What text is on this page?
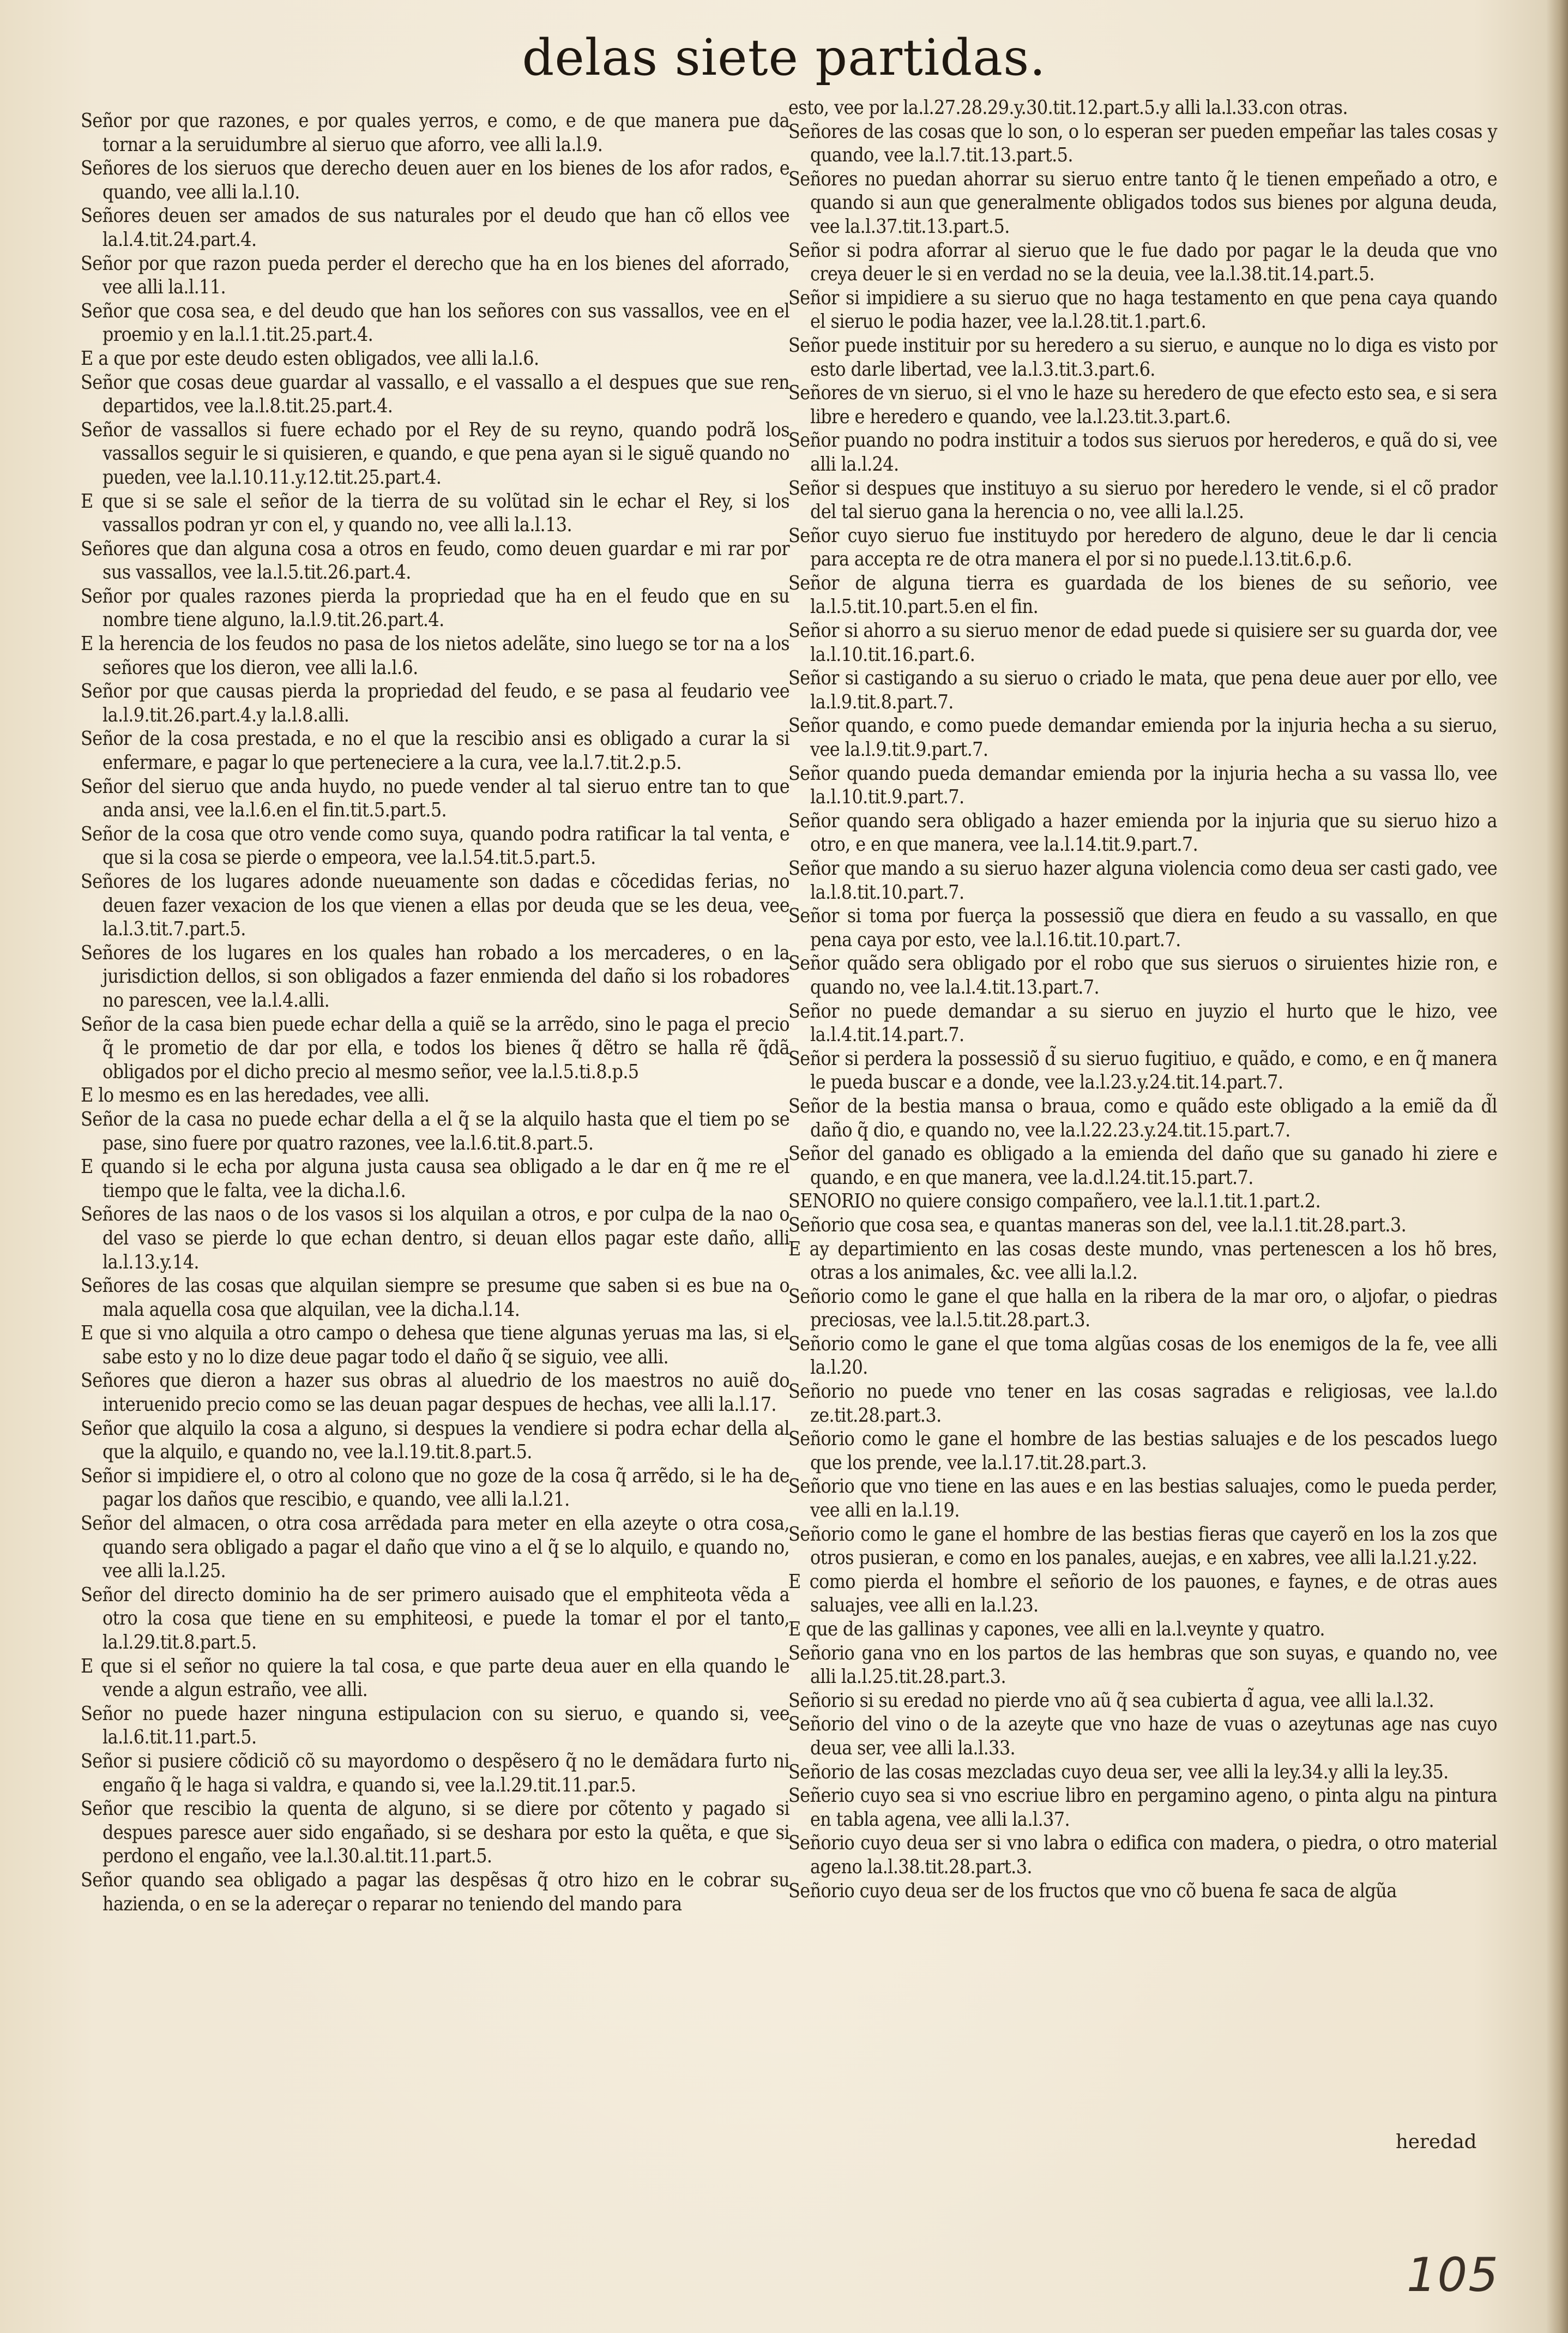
delas siete partidas.

Señor por que razones, e por quales yerros, e como, e de que manera pue da tornar a la seruidumbre al sieruo que aforro, vee alli la.l.9.

Señores de los sieruos que derecho deuen auer en los bienes de los afor rados, e quando, vee alli la.l.10.

Señores deuen ser amados de sus naturales por el deudo que han cõ ellos vee la.l.4.tit.24.part.4.

Señor por que razon pueda perder el derecho que ha en los bienes del aforrado, vee alli la.l.11.

Señor que cosa sea, e del deudo que han los señores con sus vassallos, vee en el proemio y en la.l.1.tit.25.part.4.

E a que por este deudo esten obligados, vee alli la.l.6.

Señor que cosas deue guardar al vassallo, e el vassallo a el despues que sue ren departidos, vee la.l.8.tit.25.part.4.

Señor de vassallos si fuere echado por el Rey de su reyno, quando podrã los vassallos seguir le si quisieren, e quando, e que pena ayan si le siguẽ quando no pueden, vee la.l.10.11.y.12.tit.25.part.4.

E que si se sale el señor de la tierra de su volũtad sin le echar el Rey, si los vassallos podran yr con el, y quando no, vee alli la.l.13.

Señores que dan alguna cosa a otros en feudo, como deuen guardar e mi rar por sus vassallos, vee la.l.5.tit.26.part.4.

Señor por quales razones pierda la propriedad que ha en el feudo que en su nombre tiene alguno, la.l.9.tit.26.part.4.

E la herencia de los feudos no pasa de los nietos adelãte, sino luego se tor na a los señores que los dieron, vee alli la.l.6.

Señor por que causas pierda la propriedad del feudo, e se pasa al feudario vee la.l.9.tit.26.part.4.y la.l.8.alli.

Señor de la cosa prestada, e no el que la rescibio ansi es obligado a curar la si enfermare, e pagar lo que perteneciere a la cura, vee la.l.7.tit.2.p.5.

Señor del sieruo que anda huydo, no puede vender al tal sieruo entre tan to que anda ansi, vee la.l.6.en el fin.tit.5.part.5.

Señor de la cosa que otro vende como suya, quando podra ratificar la tal venta, e que si la cosa se pierde o empeora, vee la.l.54.tit.5.part.5.

Señores de los lugares adonde nueuamente son dadas e cõcedidas ferias, no deuen fazer vexacion de los que vienen a ellas por deuda que se les deua, vee la.l.3.tit.7.part.5.

Señores de los lugares en los quales han robado a los mercaderes, o en la jurisdiction dellos, si son obligados a fazer enmienda del daño si los robadores no parescen, vee la.l.4.alli.

Señor de la casa bien puede echar della a quiẽ se la arrẽdo, sino le paga el precio q̃ le prometio de dar por ella, e todos los bienes q̃ dẽtro se halla rẽ q̃dã obligados por el dicho precio al mesmo señor, vee la.l.5.ti.8.p.5

E lo mesmo es en las heredades, vee alli.

Señor de la casa no puede echar della a el q̃ se la alquilo hasta que el tiem po se pase, sino fuere por quatro razones, vee la.l.6.tit.8.part.5.

E quando si le echa por alguna justa causa sea obligado a le dar en q̃ me re el tiempo que le falta, vee la dicha.l.6.

Señores de las naos o de los vasos si los alquilan a otros, e por culpa de la nao o del vaso se pierde lo que echan dentro, si deuan ellos pagar este daño, alli la.l.13.y.14.

Señores de las cosas que alquilan siempre se presume que saben si es bue na o mala aquella cosa que alquilan, vee la dicha.l.14.

E que si vno alquila a otro campo o dehesa que tiene algunas yeruas ma las, si el sabe esto y no lo dize deue pagar todo el daño q̃ se siguio, vee alli.

Señores que dieron a hazer sus obras al aluedrio de los maestros no auiẽ do interuenido precio como se las deuan pagar despues de hechas, vee alli la.l.17.

Señor que alquilo la cosa a alguno, si despues la vendiere si podra echar della al que la alquilo, e quando no, vee la.l.19.tit.8.part.5.

Señor si impidiere el, o otro al colono que no goze de la cosa q̃ arrẽdo, si le ha de pagar los daños que rescibio, e quando, vee alli la.l.21.

Señor del almacen, o otra cosa arrẽdada para meter en ella azeyte o otra cosa, quando sera obligado a pagar el daño que vino a el q̃ se lo alquilo, e quando no, vee alli la.l.25.

Señor del directo dominio ha de ser primero auisado que el emphiteota vẽda a otro la cosa que tiene en su emphiteosi, e puede la tomar el por el tanto, la.l.29.tit.8.part.5.

E que si el señor no quiere la tal cosa, e que parte deua auer en ella quando le vende a algun estraño, vee alli.

Señor no puede hazer ninguna estipulacion con su sieruo, e quando si, vee la.l.6.tit.11.part.5.

Señor si pusiere cõdiciõ cõ su mayordomo o despẽsero q̃ no le demãdara furto ni engaño q̃ le haga si valdra, e quando si, vee la.l.29.tit.11.par.5.

Señor que rescibio la quenta de alguno, si se diere por cõtento y pagado si despues paresce auer sido engañado, si se deshara por esto la quẽta, e que si perdono el engaño, vee la.l.30.al.tit.11.part.5.

Señor quando sea obligado a pagar las despẽsas q̃ otro hizo en le cobrar su hazienda, o en se la adereçar o reparar no teniendo del mando para

esto, vee por la.l.27.28.29.y.30.tit.12.part.5.y alli la.l.33.con otras.

Señores de las cosas que lo son, o lo esperan ser pueden empeñar las tales cosas y quando, vee la.l.7.tit.13.part.5.

Señores no puedan ahorrar su sieruo entre tanto q̃ le tienen empeñado a otro, e quando si aun que generalmente obligados todos sus bienes por alguna deuda, vee la.l.37.tit.13.part.5.

Señor si podra aforrar al sieruo que le fue dado por pagar le la deuda que vno creya deuer le si en verdad no se la deuia, vee la.l.38.tit.14.part.5.

Señor si impidiere a su sieruo que no haga testamento en que pena caya quando el sieruo le podia hazer, vee la.l.28.tit.1.part.6.

Señor puede instituir por su heredero a su sieruo, e aunque no lo diga es visto por esto darle libertad, vee la.l.3.tit.3.part.6.

Señores de vn sieruo, si el vno le haze su heredero de que efecto esto sea, e si sera libre e heredero e quando, vee la.l.23.tit.3.part.6.

Señor puando no podra instituir a todos sus sieruos por herederos, e quã do si, vee alli la.l.24.

Señor si despues que instituyo a su sieruo por heredero le vende, si el cõ prador del tal sieruo gana la herencia o no, vee alli la.l.25.

Señor cuyo sieruo fue instituydo por heredero de alguno, deue le dar li cencia para accepta re de otra manera el por si no puede.l.13.tit.6.p.6.

Señor de alguna tierra es guardada de los bienes de su señorio, vee la.l.5.tit.10.part.5.en el fin.

Señor si ahorro a su sieruo menor de edad puede si quisiere ser su guarda dor, vee la.l.10.tit.16.part.6.

Señor si castigando a su sieruo o criado le mata, que pena deue auer por ello, vee la.l.9.tit.8.part.7.

Señor quando, e como puede demandar emienda por la injuria hecha a su sieruo, vee la.l.9.tit.9.part.7.

Señor quando pueda demandar emienda por la injuria hecha a su vassa llo, vee la.l.10.tit.9.part.7.

Señor quando sera obligado a hazer emienda por la injuria que su sieruo hizo a otro, e en que manera, vee la.l.14.tit.9.part.7.

Señor que mando a su sieruo hazer alguna violencia como deua ser casti gado, vee la.l.8.tit.10.part.7.

Señor si toma por fuerça la possessiõ que diera en feudo a su vassallo, en que pena caya por esto, vee la.l.16.tit.10.part.7.

Señor quãdo sera obligado por el robo que sus sieruos o siruientes hizie ron, e quando no, vee la.l.4.tit.13.part.7.

Señor no puede demandar a su sieruo en juyzio el hurto que le hizo, vee la.l.4.tit.14.part.7.

Señor si perdera la possessiõ d̃ su sieruo fugitiuo, e quãdo, e como, e en q̃ manera le pueda buscar e a donde, vee la.l.23.y.24.tit.14.part.7.

Señor de la bestia mansa o braua, como e quãdo este obligado a la emiẽ da d̃l daño q̃ dio, e quando no, vee la.l.22.23.y.24.tit.15.part.7.

Señor del ganado es obligado a la emienda del daño que su ganado hi ziere e quando, e en que manera, vee la.d.l.24.tit.15.part.7.

SENORIO no quiere consigo compañero, vee la.l.1.tit.1.part.2.

Señorio que cosa sea, e quantas maneras son del, vee la.l.1.tit.28.part.3.

E ay departimiento en las cosas deste mundo, vnas pertenescen a los hõ bres, otras a los animales, &c. vee alli la.l.2.

Señorio como le gane el que halla en la ribera de la mar oro, o aljofar, o piedras preciosas, vee la.l.5.tit.28.part.3.

Señorio como le gane el que toma algũas cosas de los enemigos de la fe, vee alli la.l.20.

Señorio no puede vno tener en las cosas sagradas e religiosas, vee la.l.do ze.tit.28.part.3.

Señorio como le gane el hombre de las bestias saluajes e de los pescados luego que los prende, vee la.l.17.tit.28.part.3.

Señorio que vno tiene en las aues e en las bestias saluajes, como le pueda perder, vee alli en la.l.19.

Señorio como le gane el hombre de las bestias fieras que cayerõ en los la zos que otros pusieran, e como en los panales, auejas, e en xabres, vee alli la.l.21.y.22.

E como pierda el hombre el señorio de los pauones, e faynes, e de otras aues saluajes, vee alli en la.l.23.

E que de las gallinas y capones, vee alli en la.l.veynte y quatro.

Señorio gana vno en los partos de las hembras que son suyas, e quando no, vee alli la.l.25.tit.28.part.3.

Señorio si su eredad no pierde vno aũ q̃ sea cubierta d̃ agua, vee alli la.l.32.

Señorio del vino o de la azeyte que vno haze de vuas o azeytunas age nas cuyo deua ser, vee alli la.l.33.

Señorio de las cosas mezcladas cuyo deua ser, vee alli la ley.34.y alli la ley.35.

Señerio cuyo sea si vno escriue libro en pergamino ageno, o pinta algu na pintura en tabla agena, vee alli la.l.37.

Señorio cuyo deua ser si vno labra o edifica con madera, o piedra, o otro material ageno la.l.38.tit.28.part.3.

Señorio cuyo deua ser de los fructos que vno cõ buena fe saca de algũa

heredad
105
